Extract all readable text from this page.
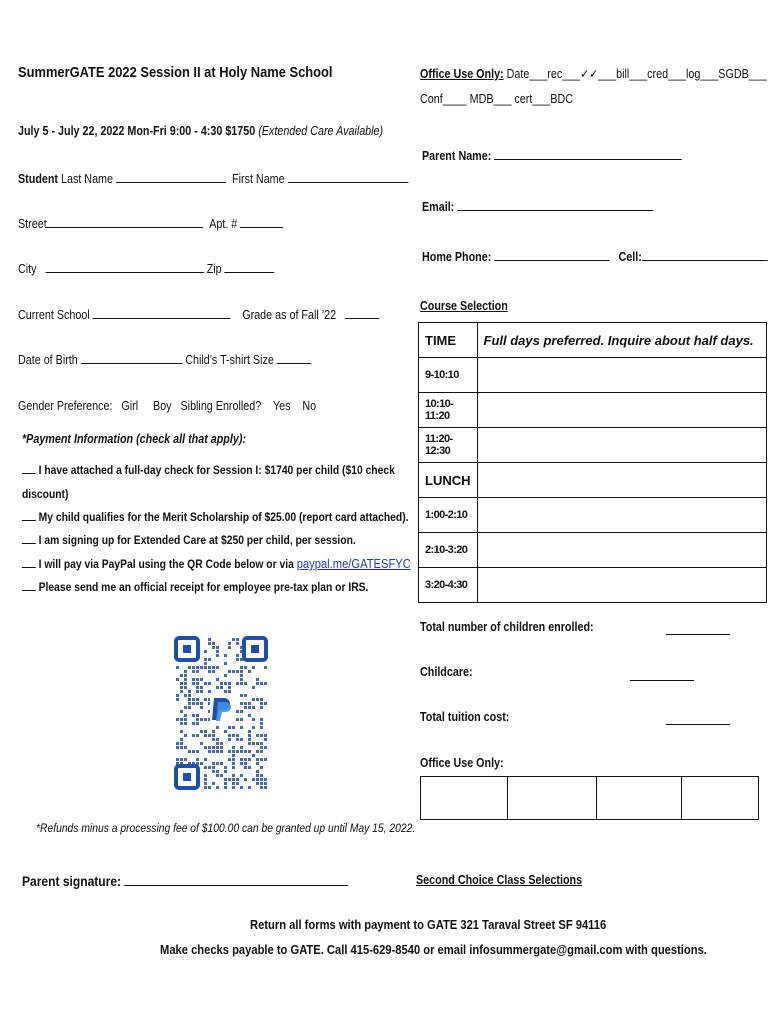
SummerGATE 2022 Session II at Holy Name School	Office Use Only: Date___rec___✓✓___bill___cred___log___SGDB___
Conf____ MDB___ cert___BDC
July 5 - July 22, 2022 Mon-Fri 9:00 - 4:30 $1750 (Extended Care Available)
Student Last Name	First Name
Street	Apt. #
City	Zip
Current School	Grade as of Fall ’22
Date of Birth	Child’s T-shirt Size
Gender Preference:   Girl     Boy   Sibling Enrolled?    Yes    No
*Payment Information (check all that apply):
I have attached a full-day check for Session I: $1740 per child ($10 check
discount)
My child qualifies for the Merit Scholarship of $25.00 (report card attached).
I am signing up for Extended Care at $250 per child, per session.
I will pay via PayPal using the QR Code below or via paypal.me/GATESFYC
Please send me an official receipt for employee pre-tax plan or IRS.
Parent Name:
Email:
Home Phone:	Cell:
Course Selection
TIME	Full days preferred. Inquire about half days.
9-10:10	
10:10-11:20	
11:20-12:30	
LUNCH	
1:00-2:10	
2:10-3:20	
3:20-4:30	
Total number of children enrolled:
Childcare:
Total tuition cost:
Office Use Only:

*Refunds minus a processing fee of $100.00 can be granted up until May 15, 2022.
Parent signature:	Second Choice Class Selections
Return all forms with payment to GATE 321 Taraval Street SF 94116
Make checks payable to GATE. Call 415-629-8540 or email infosummergate@gmail.com with questions.
